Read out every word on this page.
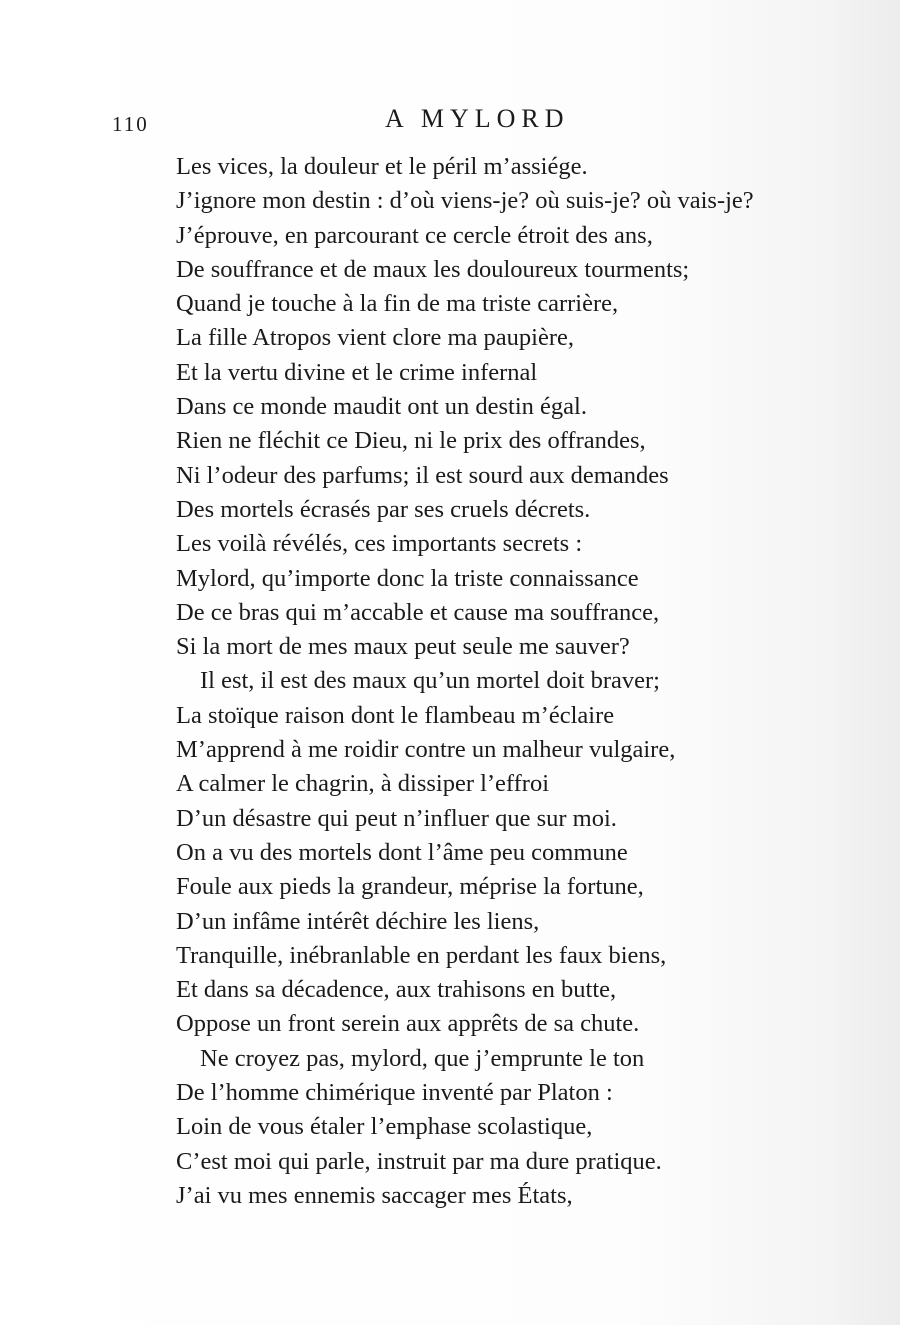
110	A MYLORD
Les vices, la douleur et le péril m’assiége.
J’ignore mon destin : d’où viens-je? où suis-je? où vais-je?
J’éprouve, en parcourant ce cercle étroit des ans,
De souffrance et de maux les douloureux tourments;
Quand je touche à la fin de ma triste carrière,
La fille Atropos vient clore ma paupière,
Et la vertu divine et le crime infernal
Dans ce monde maudit ont un destin égal.
Rien ne fléchit ce Dieu, ni le prix des offrandes,
Ni l’odeur des parfums; il est sourd aux demandes
Des mortels écrasés par ses cruels décrets.
Les voilà révélés, ces importants secrets :
Mylord, qu’importe donc la triste connaissance
De ce bras qui m’accable et cause ma souffrance,
Si la mort de mes maux peut seule me sauver?
Il est, il est des maux qu’un mortel doit braver;
La stoïque raison dont le flambeau m’éclaire
M’apprend à me roidir contre un malheur vulgaire,
A calmer le chagrin, à dissiper l’effroi
D’un désastre qui peut n’influer que sur moi.
On a vu des mortels dont l’âme peu commune
Foule aux pieds la grandeur, méprise la fortune,
D’un infâme intérêt déchire les liens,
Tranquille, inébranlable en perdant les faux biens,
Et dans sa décadence, aux trahisons en butte,
Oppose un front serein aux apprêts de sa chute.
Ne croyez pas, mylord, que j’emprunte le ton
De l’homme chimérique inventé par Platon :
Loin de vous étaler l’emphase scolastique,
C’est moi qui parle, instruit par ma dure pratique.
J’ai vu mes ennemis saccager mes États,
